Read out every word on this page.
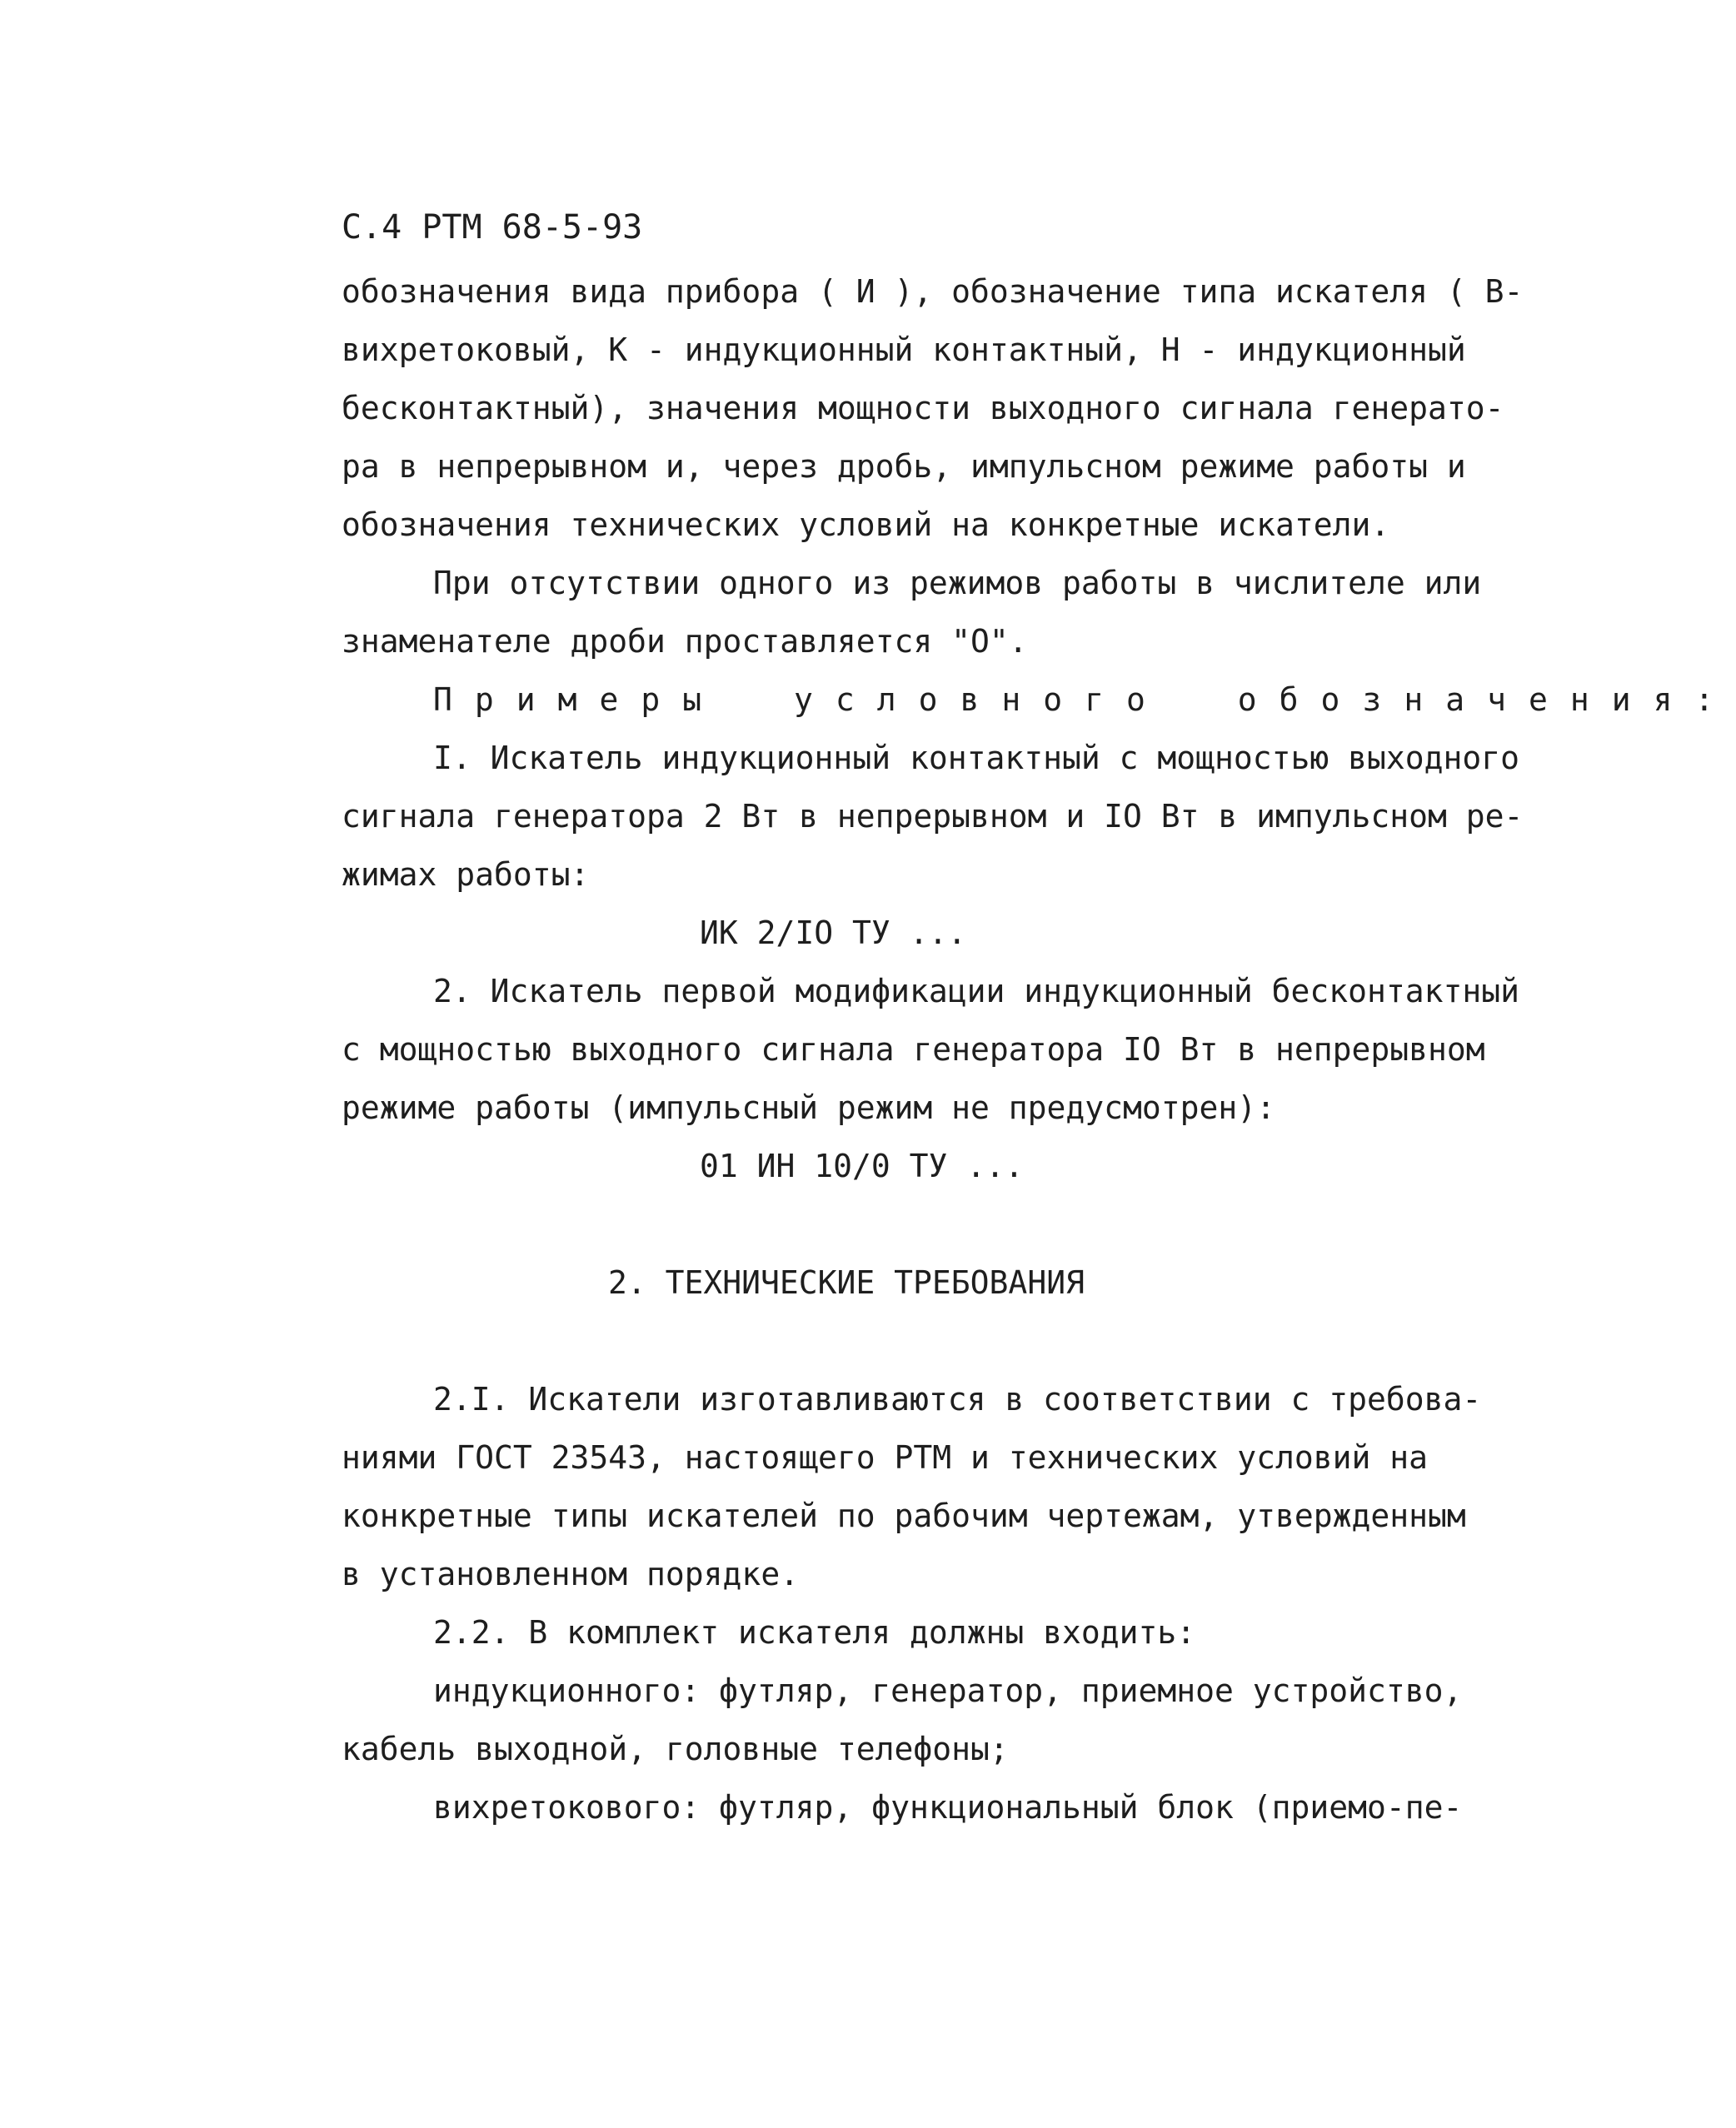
С.4 РТМ 68-5-93
обозначения вида прибора ( И ), обозначение типа искателя ( В-
вихретоковый, К - индукционный контактный, Н - индукционный
бесконтактный), значения мощности выходного сигнала генерато-
ра в непрерывном и, через дробь, импульсном режиме работы и
обозначения технических условий на конкретные искатели.
При отсутствии одного из режимов работы в числителе или
знаменателе дроби проставляется "О".
Примеры условного обозначения:
I. Искатель индукционный контактный с мощностью выходного
сигнала генератора 2 Вт в непрерывном и IO Вт в импульсном ре-
жимах работы:
ИК 2/IO ТУ ...
2. Искатель первой модификации индукционный бесконтактный
с мощностью выходного сигнала генератора IO Вт в непрерывном
режиме работы (импульсный режим не предусмотрен):
01 ИН 10/0 ТУ ...
2. ТЕХНИЧЕСКИЕ ТРЕБОВАНИЯ
2.I. Искатели изготавливаются в соответствии с требова-
ниями ГОСТ 23543, настоящего РТМ и технических условий на
конкретные типы искателей по рабочим чертежам, утвержденным
в установленном порядке.
2.2. В комплект искателя должны входить:
индукционного: футляр, генератор, приемное устройство,
кабель выходной, головные телефоны;
вихретокового: футляр, функциональный блок (приемо-пе-
